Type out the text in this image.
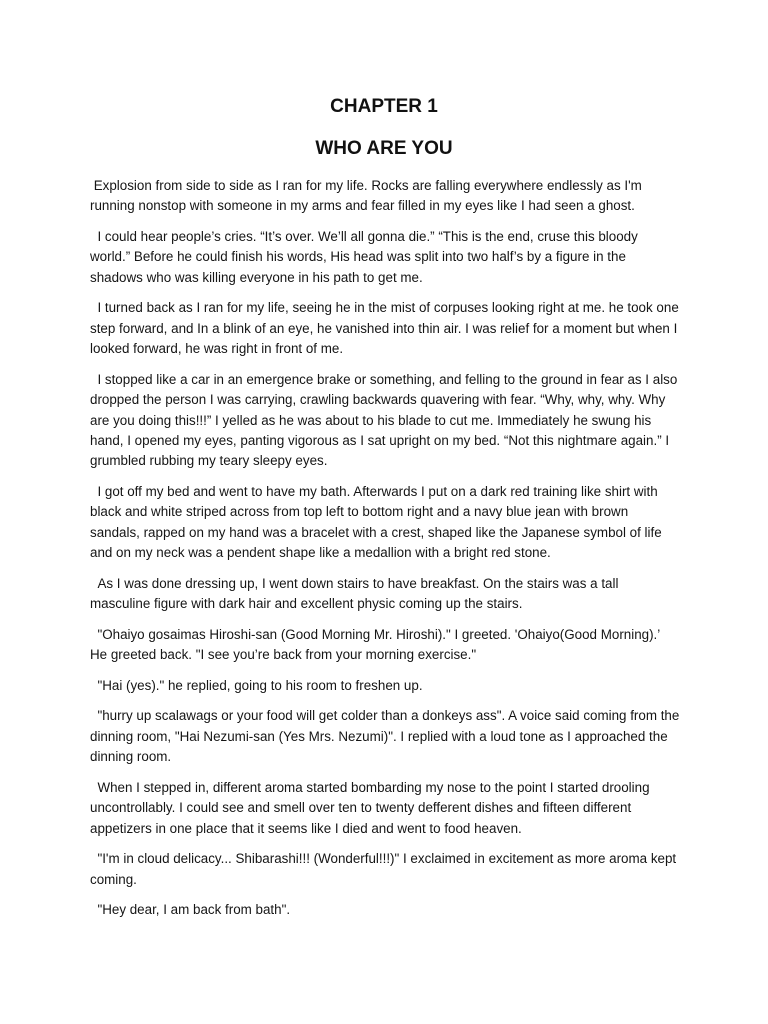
CHAPTER 1
WHO ARE YOU

Explosion from side to side as I ran for my life. Rocks are falling everywhere endlessly as I'm running nonstop with someone in my arms and fear filled in my eyes like I had seen a ghost.

I could hear people’s cries. “It’s over. We’ll all gonna die.” “This is the end, cruse this bloody world.” Before he could finish his words, His head was split into two half’s by a figure in the shadows who was killing everyone in his path to get me.

I turned back as I ran for my life, seeing he in the mist of corpuses looking right at me. he took one step forward, and In a blink of an eye, he vanished into thin air. I was relief for a moment but when I looked forward, he was right in front of me.

I stopped like a car in an emergence brake or something, and felling to the ground in fear as I also dropped the person I was carrying, crawling backwards quavering with fear. “Why, why, why. Why are you doing this!!!” I yelled as he was about to his blade to cut me. Immediately he swung his hand, I opened my eyes, panting vigorous as I sat upright on my bed. “Not this nightmare again.” I grumbled rubbing my teary sleepy eyes.

I got off my bed and went to have my bath. Afterwards I put on a dark red training like shirt with black and white striped across from top left to bottom right and a navy blue jean with brown sandals, rapped on my hand was a bracelet with a crest, shaped like the Japanese symbol of life and on my neck was a pendent shape like a medallion with a bright red stone.

As I was done dressing up, I went down stairs to have breakfast. On the stairs was a tall masculine figure with dark hair and excellent physic coming up the stairs.

"Ohaiyo gosaimas Hiroshi-san (Good Morning Mr. Hiroshi)." I greeted. 'Ohaiyo(Good Morning).’ He greeted back. "I see you’re back from your morning exercise."

"Hai (yes)." he replied, going to his room to freshen up.

"hurry up scalawags or your food will get colder than a donkeys ass". A voice said coming from the dinning room, "Hai Nezumi-san (Yes Mrs. Nezumi)". I replied with a loud tone as I approached the dinning room.

When I stepped in, different aroma started bombarding my nose to the point I started drooling uncontrollably. I could see and smell over ten to twenty defferent dishes and fifteen different appetizers in one place that it seems like I died and went to food heaven.

"I'm in cloud delicacy... Shibarashi!!! (Wonderful!!!)" I exclaimed in excitement as more aroma kept coming.

"Hey dear, I am back from bath".
